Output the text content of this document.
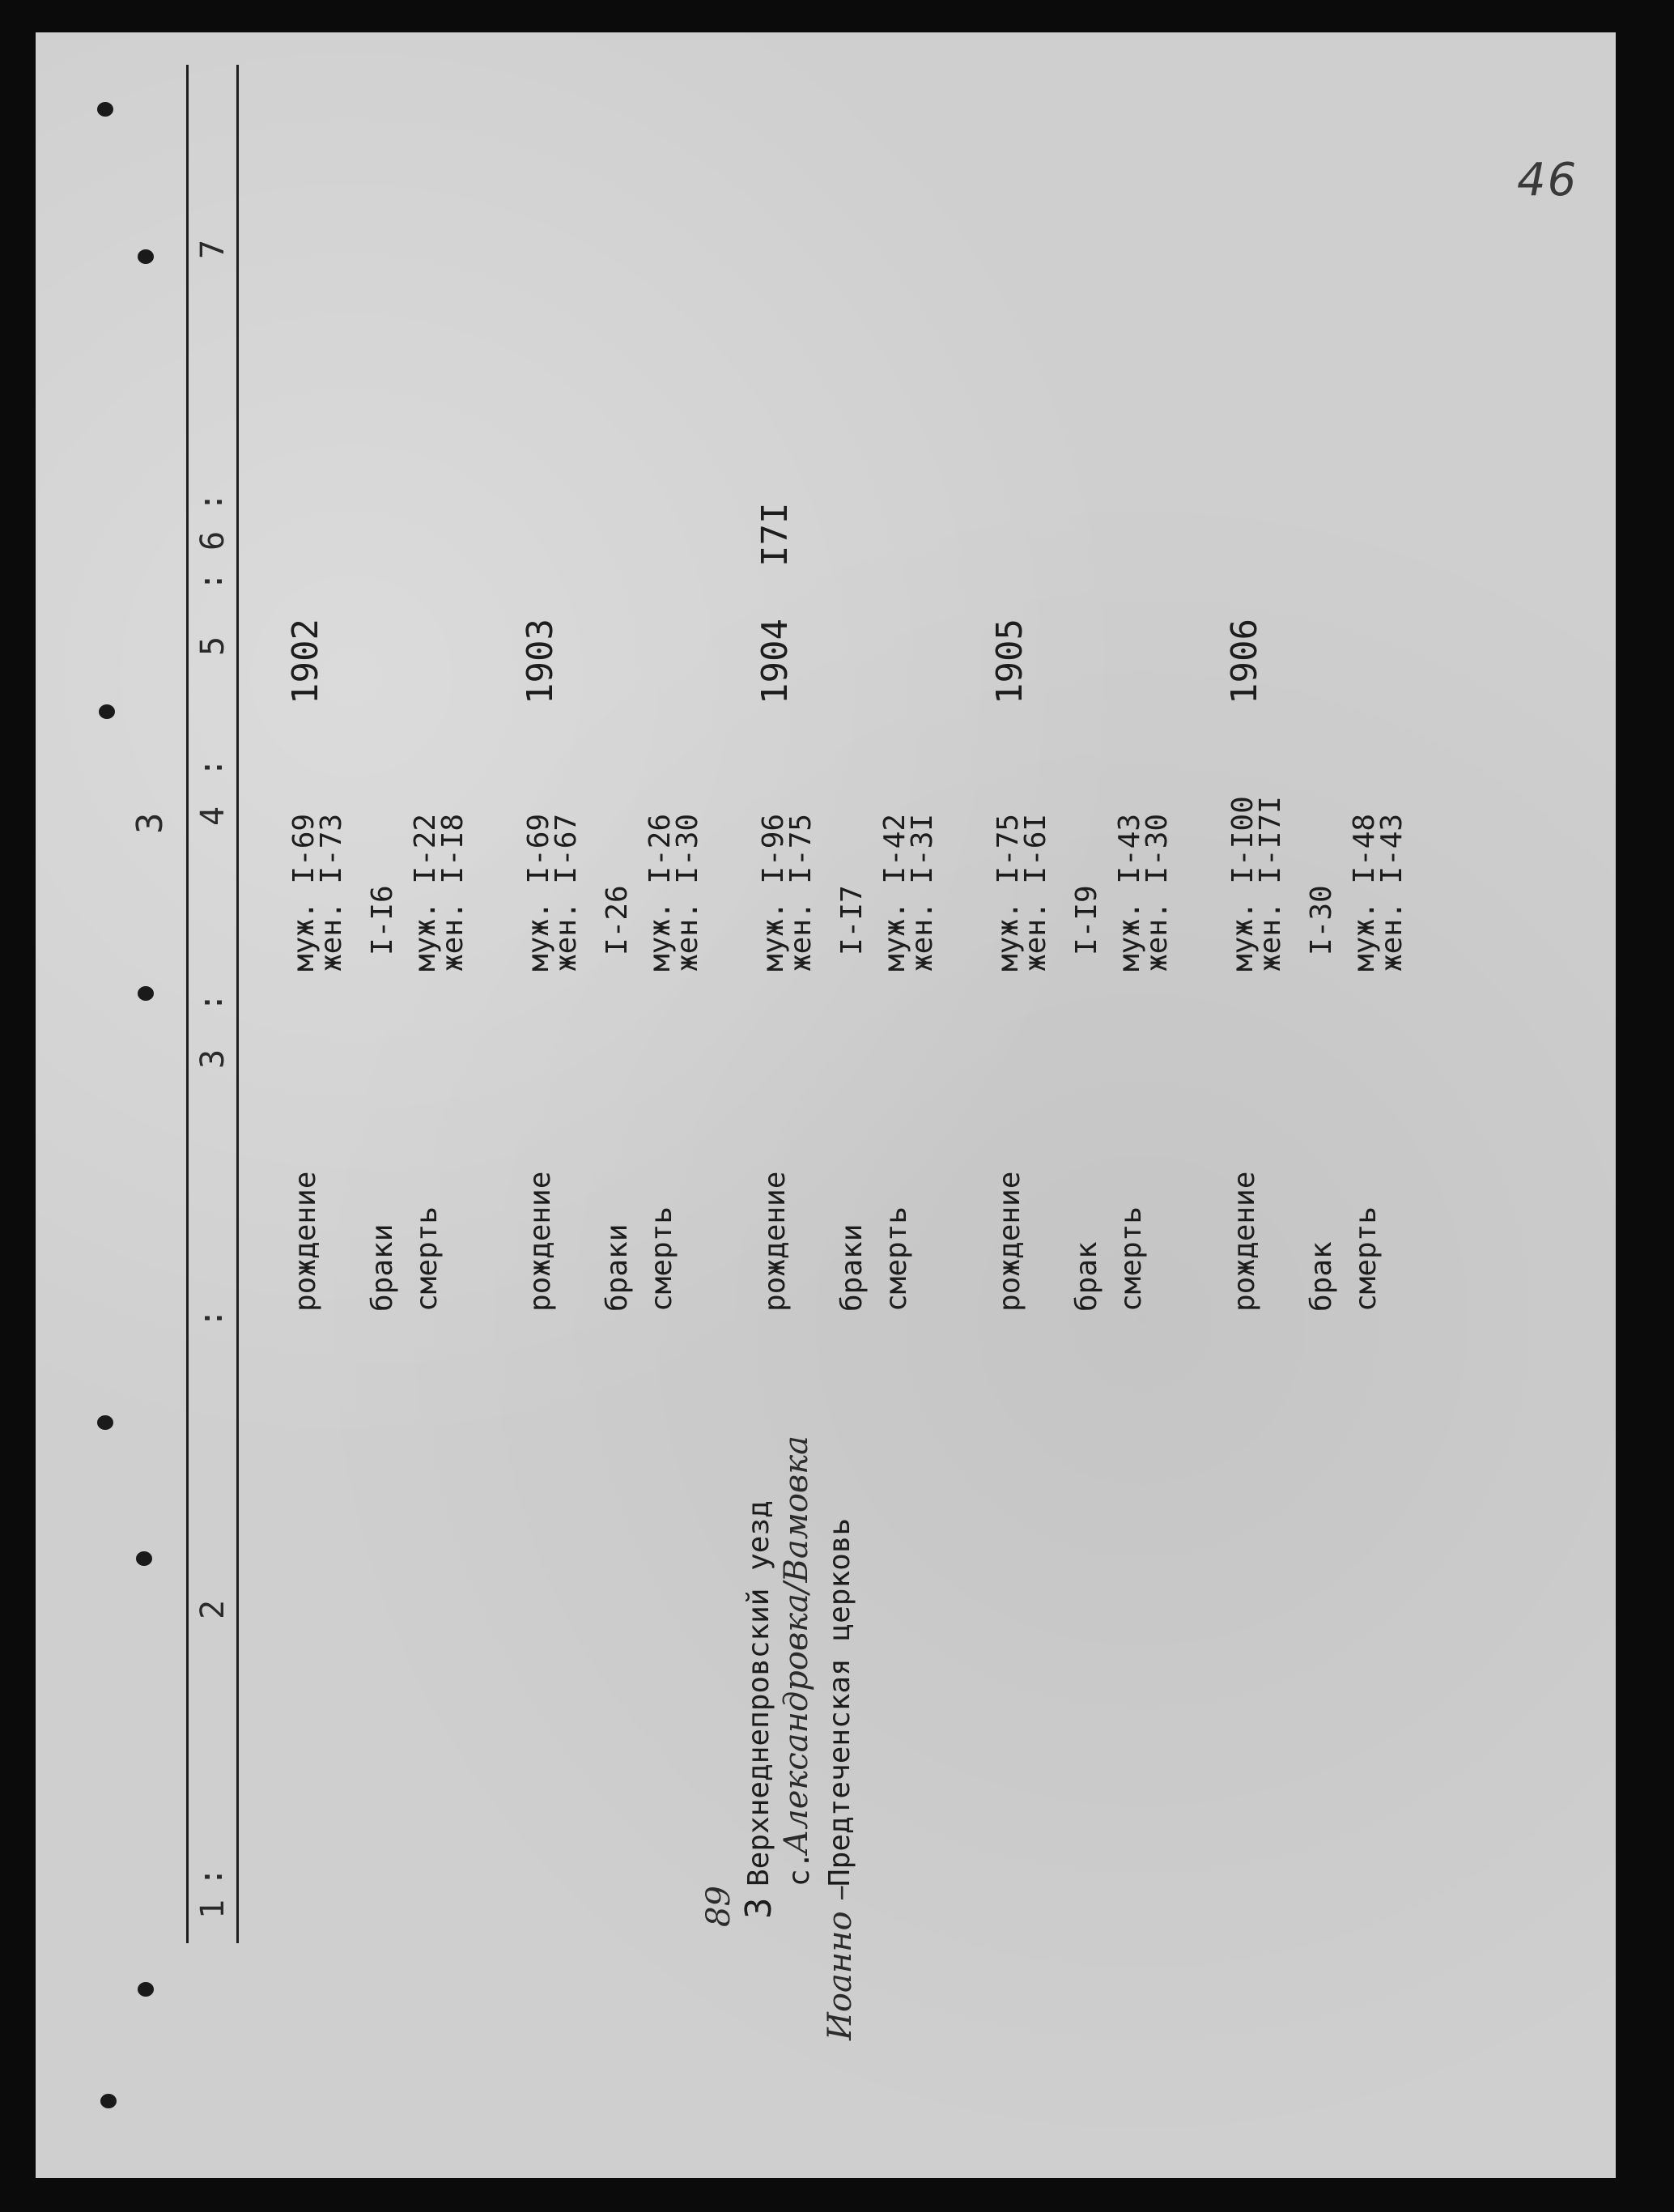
46
3
1
:
2
:
3
:
4
:
5
:
6
:
7
89 3
Верхнеднепровский уезд с.
Александровка/Вамовка
Иоанно –
Предтеченская церковь
1902
рождение
муж. I-69
жен. I-73
браки
I-I6
смерть
муж. I-22
жен. I-I8
1903
рождение
муж. I-69
жен. I-67
браки
I-26
смерть
муж. I-26
жен. I-30
1904
I7I
рождение
муж. I-96
жен. I-75
браки
I-I7
смерть
муж. I-42
жен. I-3I
1905
рождение
муж. I-75
жен. I-6I
брак
I-I9
смерть
муж. I-43
жен. I-30
1906
рождение
муж. I-I00
жен. I-I7I
брак
I-30
смерть
муж. I-48
жен. I-43
